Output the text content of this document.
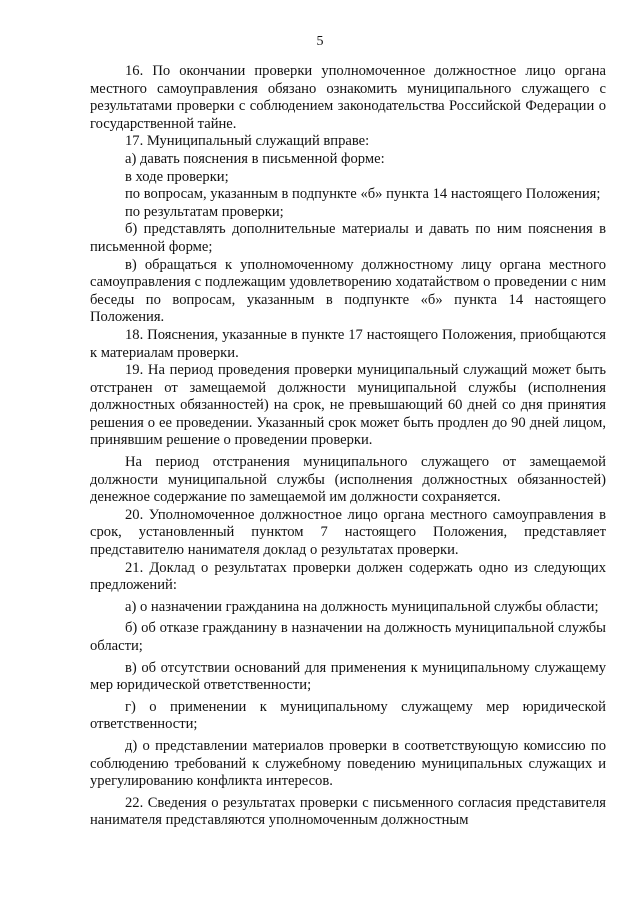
5

16. По окончании проверки уполномоченное должностное лицо органа местного самоуправления обязано ознакомить муниципального служащего с результатами проверки с соблюдением законодательства Российской Федерации о государственной тайне.

17. Муниципальный служащий вправе:

а) давать пояснения в письменной форме:

в ходе проверки;

по вопросам, указанным в подпункте «б» пункта 14 настоящего Положения;

по результатам проверки;

б) представлять дополнительные материалы и давать по ним пояснения в письменной форме;

в) обращаться к уполномоченному должностному лицу органа местного самоуправления с подлежащим удовлетворению ходатайством о проведении с ним беседы по вопросам, указанным в подпункте «б» пункта 14 настоящего Положения.

18. Пояснения, указанные в пункте 17 настоящего Положения, приобщаются к материалам проверки.

19. На период проведения проверки муниципальный служащий может быть отстранен от замещаемой должности муниципальной службы (исполнения должностных обязанностей) на срок, не превышающий 60 дней со дня принятия решения о ее проведении. Указанный срок может быть продлен до 90 дней лицом, принявшим решение о проведении проверки.

На период отстранения муниципального служащего от замещаемой должности муниципальной службы (исполнения должностных обязанностей) денежное содержание по замещаемой им должности сохраняется.

20. Уполномоченное должностное лицо органа местного самоуправления в срок, установленный пунктом 7 настоящего Положения, представляет представителю нанимателя доклад о результатах проверки.

21. Доклад о результатах проверки должен содержать одно из следующих предложений:

а) о назначении гражданина на должность муниципальной службы области;

б) об отказе гражданину в назначении на должность муниципальной службы области;

в) об отсутствии оснований для применения к муниципальному служащему мер юридической ответственности;

г) о применении к муниципальному служащему мер юридической ответственности;

д) о представлении материалов проверки в соответствующую комиссию по соблюдению требований к служебному поведению муниципальных служащих и урегулированию конфликта интересов.

22. Сведения о результатах проверки с письменного согласия представителя нанимателя представляются уполномоченным должностным
